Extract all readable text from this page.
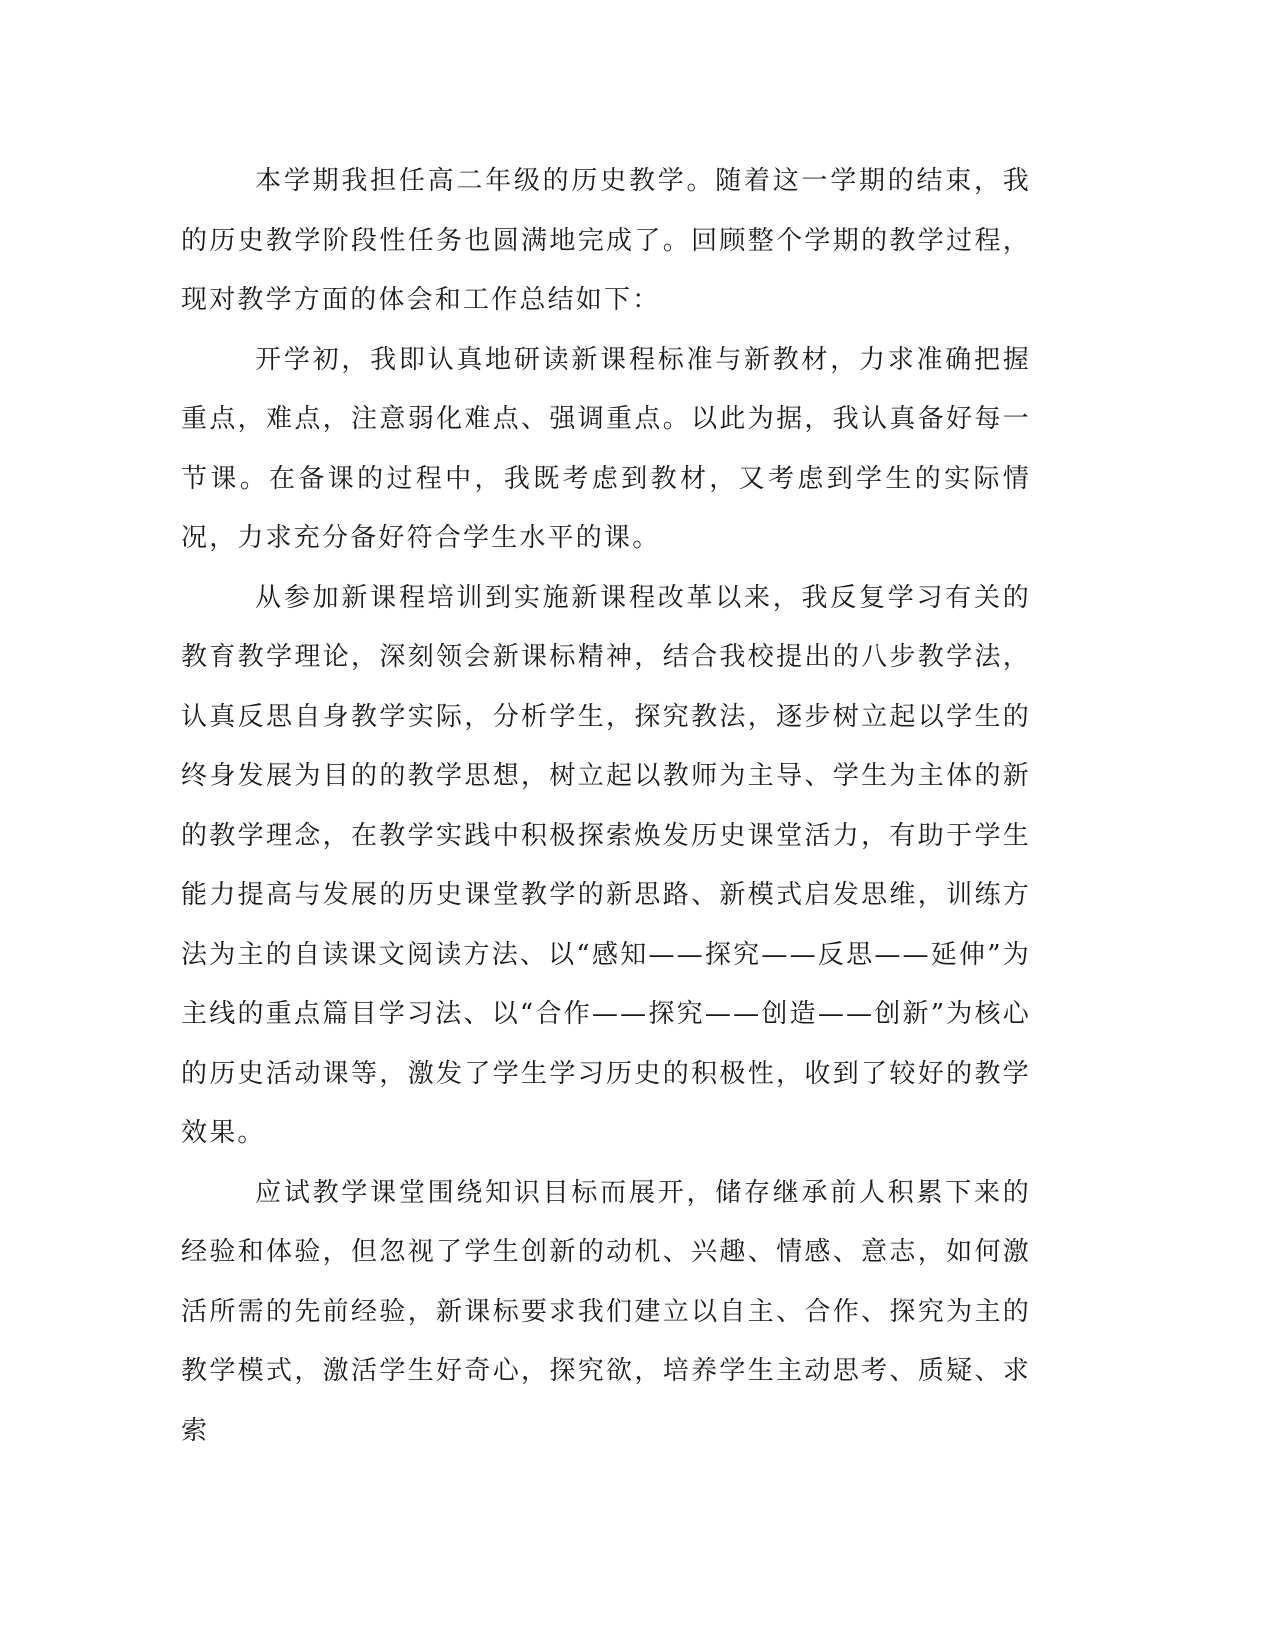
本学期我担任高二年级的历史教学。随着这一学期的结束，我的历史教学阶段性任务也圆满地完成了。回顾整个学期的教学过程，现对教学方面的体会和工作总结如下：

开学初，我即认真地研读新课程标准与新教材，力求准确把握重点，难点，注意弱化难点、强调重点。以此为据，我认真备好每一节课。在备课的过程中，我既考虑到教材，又考虑到学生的实际情况，力求充分备好符合学生水平的课。

从参加新课程培训到实施新课程改革以来，我反复学习有关的教育教学理论，深刻领会新课标精神，结合我校提出的八步教学法，认真反思自身教学实际，分析学生，探究教法，逐步树立起以学生的终身发展为目的的教学思想，树立起以教师为主导、学生为主体的新的教学理念，在教学实践中积极探索焕发历史课堂活力，有助于学生能力提高与发展的历史课堂教学的新思路、新模式启发思维，训练方法为主的自读课文阅读方法、以“感知——探究——反思——延伸”为主线的重点篇目学习法、以“合作——探究——创造——创新”为核心的历史活动课等，激发了学生学习历史的积极性，收到了较好的教学效果。

应试教学课堂围绕知识目标而展开，储存继承前人积累下来的经验和体验，但忽视了学生创新的动机、兴趣、情感、意志，如何激活所需的先前经验，新课标要求我们建立以自主、合作、探究为主的教学模式，激活学生好奇心，探究欲，培养学生主动思考、质疑、求索
